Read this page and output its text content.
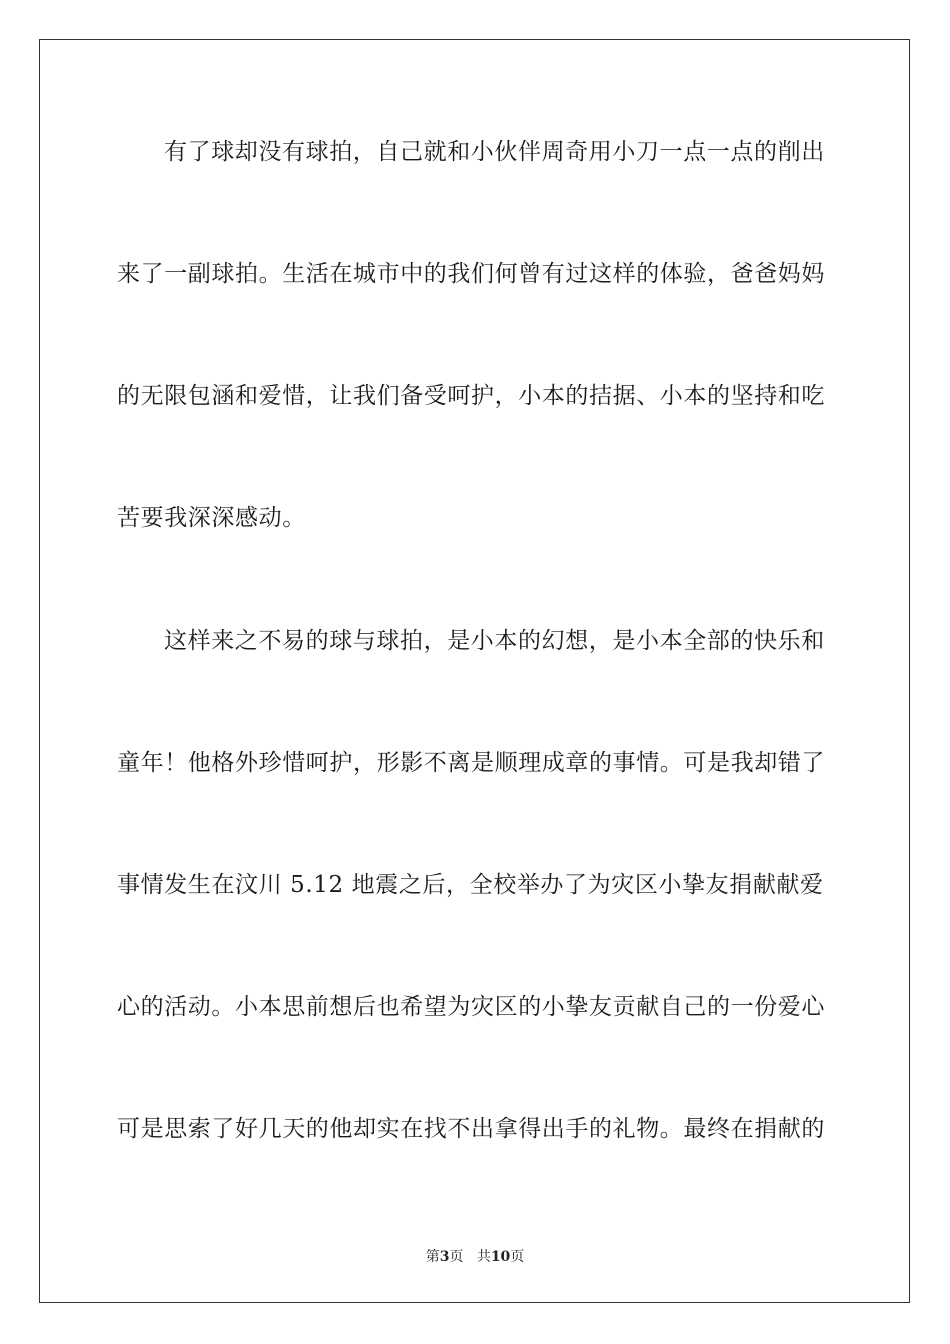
有了球却没有球拍，自己就和小伙伴周奇用小刀一点一点的削出
来了一副球拍。生活在城市中的我们何曾有过这样的体验，爸爸妈妈
的无限包涵和爱惜，让我们备受呵护，小本的拮据、小本的坚持和吃
苦要我深深感动。
这样来之不易的球与球拍，是小本的幻想，是小本全部的快乐和
童年！他格外珍惜呵护，形影不离是顺理成章的事情。可是我却错了
事情发生在汶川 5.12 地震之后，全校举办了为灾区小挚友捐献献爱
心的活动。小本思前想后也希望为灾区的小挚友贡献自己的一份爱心
可是思索了好几天的他却实在找不出拿得出手的礼物。最终在捐献的
第3页 共10页
